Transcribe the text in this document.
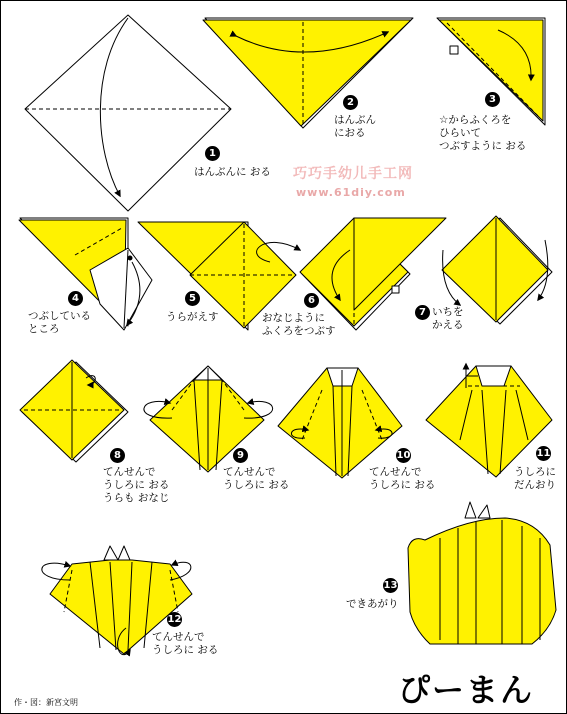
巧巧手幼儿手工网
www.61diy.com
1
はんぶんに おる
2
はんぶん
におる
3
☆からふくろを
ひらいて
つぶすように おる
4
つぶしている
ところ
5
うらがえす
6
おなじように
ふくろをつぶす
7 いちを
かえる
8
てんせんで
うしろに おる
うらも おなじ
9
てんせんで
うしろに おる
10
てんせんで
うしろに おる
11
うしろに
だんおり
12
てんせんで
うしろに おる
13
できあがり
ぴーまん
作・図：新宮文明
